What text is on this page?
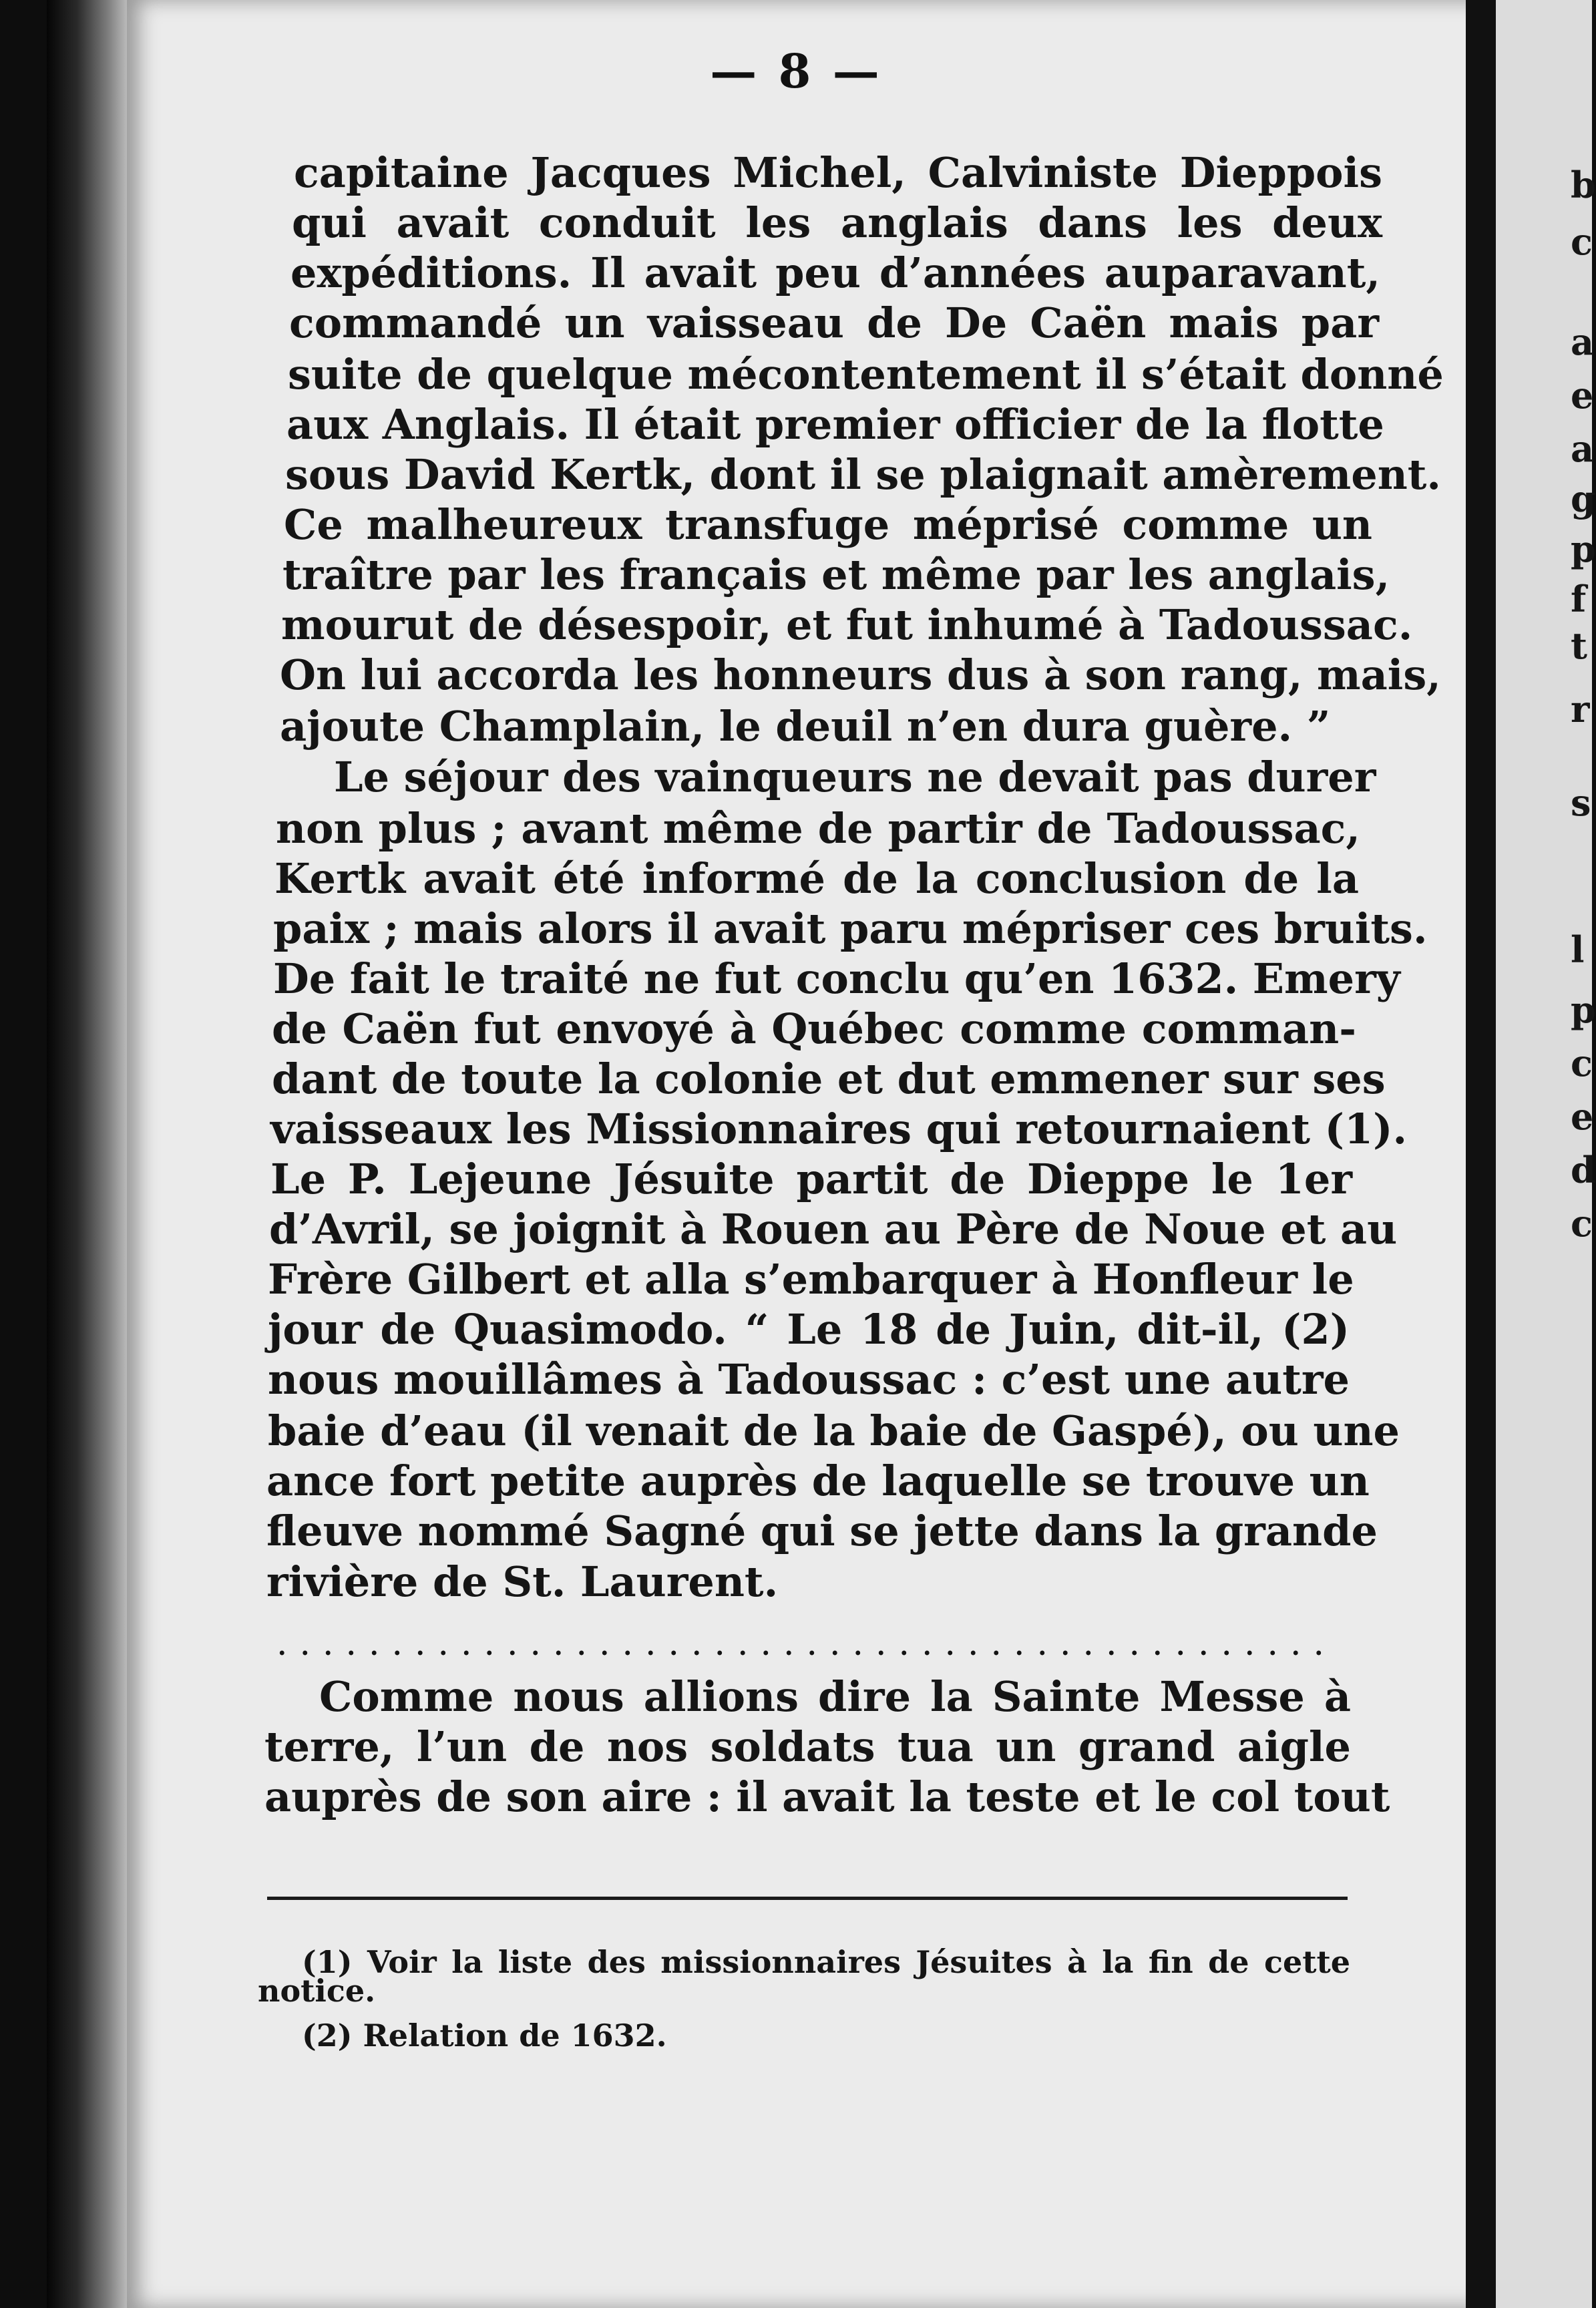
— 8 —
capitaine Jacques Michel, Calviniste Dieppois
qui avait conduit les anglais dans les deux
expéditions. Il avait peu d’années auparavant,
commandé un vaisseau de De Caën mais par
suite de quelque mécontentement il s’était donné
aux Anglais. Il était premier officier de la flotte
sous David Kertk, dont il se plaignait amèrement.
Ce malheureux transfuge méprisé comme un
traître par les français et même par les anglais,
mourut de désespoir, et fut inhumé à Tadoussac.
On lui accorda les honneurs dus à son rang, mais,
ajoute Champlain, le deuil n’en dura guère. ”
Le séjour des vainqueurs ne devait pas durer
non plus ; avant même de partir de Tadoussac,
Kertk avait été informé de la conclusion de la
paix ; mais alors il avait paru mépriser ces bruits.
De fait le traité ne fut conclu qu’en 1632. Emery
de Caën fut envoyé à Québec comme comman-
dant de toute la colonie et dut emmener sur ses
vaisseaux les Missionnaires qui retournaient (1).
Le P. Lejeune Jésuite partit de Dieppe le 1er
d’Avril, se joignit à Rouen au Père de Noue et au
Frère Gilbert et alla s’embarquer à Honfleur le
jour de Quasimodo. “ Le 18 de Juin, dit-il, (2)
nous mouillâmes à Tadoussac : c’est une autre
baie d’eau (il venait de la baie de Gaspé), ou une
ance fort petite auprès de laquelle se trouve un
fleuve nommé Sagné qui se jette dans la grande
rivière de St. Laurent.
Comme nous allions dire la Sainte Messe à
terre, l’un de nos soldats tua un grand aigle
auprès de son aire : il avait la teste et le col tout
(1) Voir la liste des missionnaires Jésuites à la fin de cette
notice.
(2) Relation de 1632.
b
c
a
e
a
g
p
f
t
r
s
l
p
c
e
d
c
